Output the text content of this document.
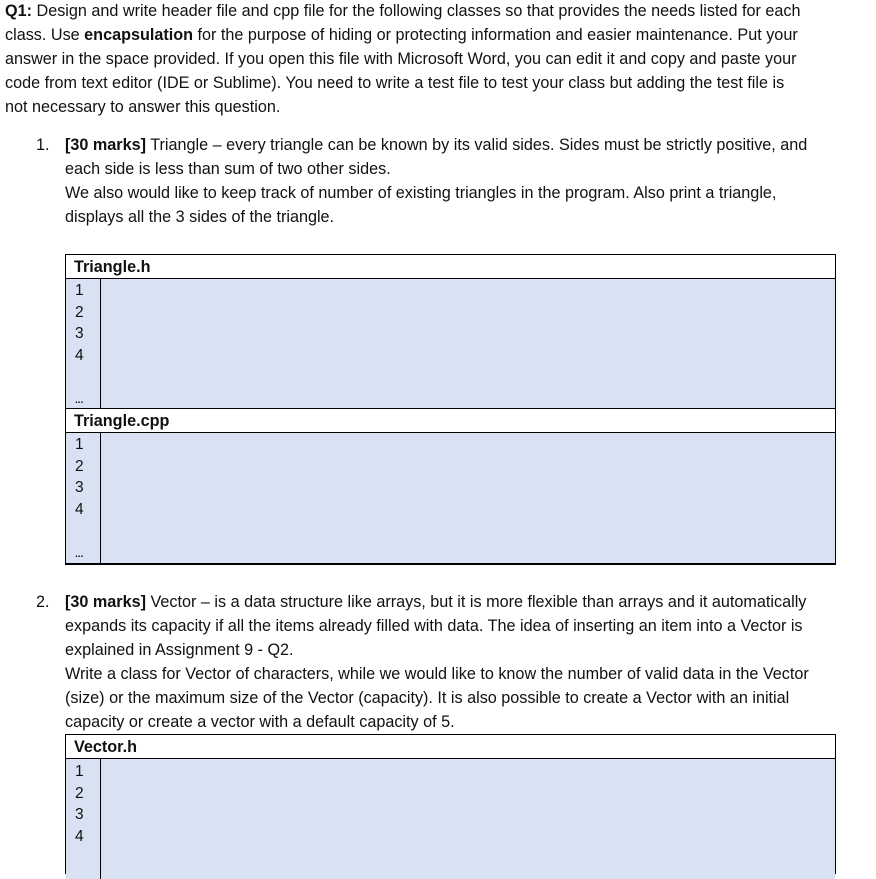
Q1: Design and write header file and cpp file for the following classes so that provides the needs listed for each

class. Use encapsulation for the purpose of hiding or protecting information and easier maintenance. Put your

answer in the space provided. If you open this file with Microsoft Word, you can edit it and copy and paste your

code from text editor (IDE or Sublime). You need to write a test file to test your class but adding the test file is

not necessary to answer this question.

1. [30 marks] Triangle – every triangle can be known by its valid sides. Sides must be strictly positive, and

each side is less than sum of two other sides.

We also would like to keep track of number of existing triangles in the program. Also print a triangle,

displays all the 3 sides of the triangle.

Triangle.h
1
2
3
4
...
Triangle.cpp
1
2
3
4
...
2. [30 marks] Vector – is a data structure like arrays, but it is more flexible than arrays and it automatically

expands its capacity if all the items already filled with data. The idea of inserting an item into a Vector is

explained in Assignment 9 - Q2.

Write a class for Vector of characters, while we would like to know the number of valid data in the Vector

(size) or the maximum size of the Vector (capacity). It is also possible to create a Vector with an initial

capacity or create a vector with a default capacity of 5.

Vector.h
1
2
3
4
